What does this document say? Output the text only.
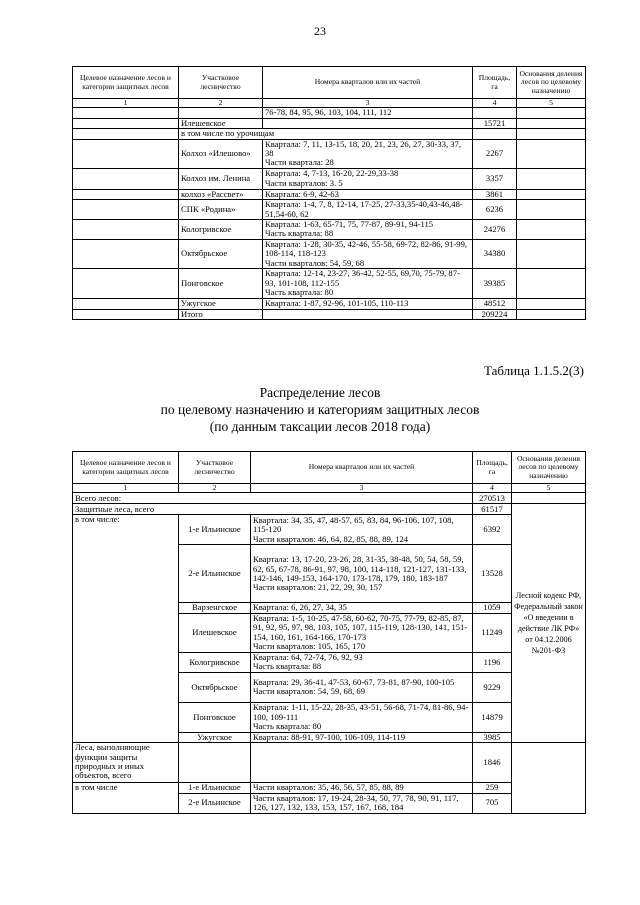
23
Целевое назначение лесов и категории защитных лесов	Участковое лесничество	Номера кварталов или их частей	Площадь, га	Основания деления лесов по целевому назначению
1	2	3	4	5
		76-78, 84, 95, 96, 103, 104, 111, 112		
	Илешевское		15721	
	в том числе по урочищам			
	Колхоз «Илешово»	Квартала: 7, 11, 13-15, 18, 20, 21, 23, 26, 27, 30-33, 37, 38
Части квартала: 28	2267	
	Колхоз им. Ленина	Квартала: 4, 7-13, 16-20, 22-29,33-38
Части кварталов: 3. 5	3357	
	колхоз «Рассвет»	Квартала: 6-9, 42-63	3861	
	СПК «Родина»	Квартала: 1-4, 7, 8, 12-14, 17-25, 27-33,35-40,43-46,48-51,54-60, 62	6236	
	Кологривское	Квартала: 1-63, 65-71, 75, 77-87, 89-91, 94-115
Часть квартала: 88	24276	
	Октябрьское	Квартала: 1-28, 30-35, 42-46, 55-58, 69-72, 82-86, 91-99, 108-114, 118-123
Части кварталов: 54, 59, 68	34380	
	Понговское	Квартала: 12-14, 23-27, 36-42, 52-55, 69,70, 75-79, 87-93, 101-108, 112-155
Часть квартала: 80	39385	
	Ужугское	Квартала: 1-87, 92-96, 101-105, 110-113	48512	
	Итого		209224	
Таблица 1.1.5.2(3)
Распределение лесов
по целевому назначению и категориям защитных лесов
(по данным таксации лесов 2018 года)
Целевое назначение лесов и категории защитных лесов	Участковое лесничество	Номера кварталов или их частей	Площадь, га	Основания деления лесов по целевому назначению
1	2	3	4	5
Всего лесов:			270513	
Защитные леса, всего			61517	Лесной кодекс РФ, Федеральный закон «О введении в действие ЛК РФ» от 04.12.2006 №201-ФЗ
в том числе:	1-е Ильинское	Квартала: 34, 35, 47, 48-57, 65, 83, 84, 96-106, 107, 108, 115-120
Части кварталов: 46, 64, 82, 85, 88, 89, 124	6392	
	2-е Ильинское	Квартала: 13, 17-20, 23-26, 28, 31-35, 38-48, 50, 54, 58, 59, 62, 65, 67-78, 86-91, 97, 98, 100, 114-118, 121-127, 131-133, 142-146, 149-153, 164-170, 173-178, 179, 180, 183-187
Части кварталов: 21, 22, 29, 30, 157	13528	
	Варзенгское	Квартала: 6, 26, 27, 34, 35	1059	
	Илешевское	Квартала: 1-5, 10-25, 47-58, 60-62, 70-75, 77-79, 82-85, 87, 91, 92, 95, 97, 98, 103, 105, 107, 115-119, 128-130, 141, 151-154, 160, 161, 164-166, 170-173
Части кварталов: 105, 165, 170	11249	
	Кологривское	Квартала: 64, 72-74, 76, 92, 93
Часть квартала: 88	1196	
	Октябрьское	Квартала: 29, 36-41, 47-53, 60-67, 73-81, 87-90, 100-105
Части кварталов: 54, 59, 68, 69	9229	
	Понговское	Квартала: 1-11, 15-22, 28-35, 43-51, 56-68, 71-74, 81-86, 94-100, 109-111
Часть квартала: 80	14879	
	Ужугское	Квартала: 88-91, 97-100, 106-109, 114-119	3985	
Леса, выполняющие функции защиты природных и иных объектов, всего			1846	
в том числе	1-е Ильинское	Части кварталов: 35, 46, 56, 57, 85, 88, 89	259	
	2-е Ильинское	Части кварталов: 17, 19-24, 28-34, 50, 77, 78, 90, 91, 117, 126, 127, 132, 133, 153, 157, 167, 168, 184	705	
